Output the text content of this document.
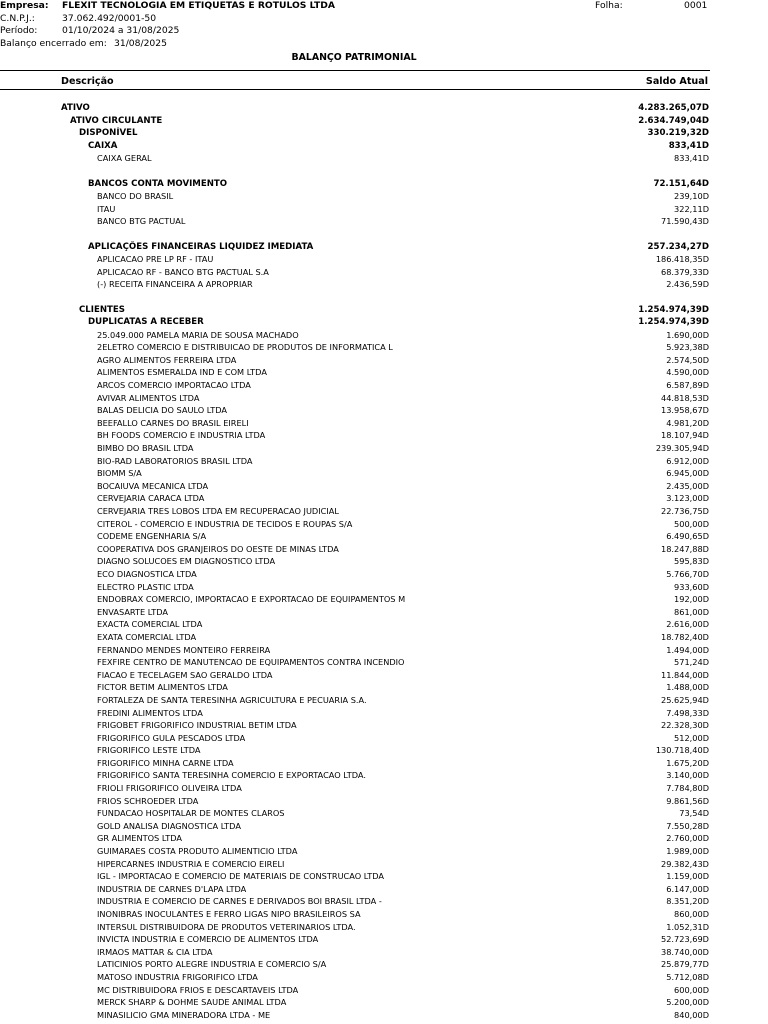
Empresa: FLEXIT TECNOLOGIA EM ETIQUETAS E ROTULOS LTDA	Folha:	0001
C.N.P.J.:	37.062.492/0001-50
Período:	01/10/2024 a 31/08/2025
Balanço encerrado em: 31/08/2025
BALANÇO PATRIMONIAL
Descrição	Saldo Atual
ATIVO	4.283.265,07D
ATIVO CIRCULANTE	2.634.749,04D
DISPONÍVEL	330.219,32D
CAIXA	833,41D
CAIXA GERAL	833,41D
BANCOS CONTA MOVIMENTO	72.151,64D
BANCO DO BRASIL	239,10D
ITAU	322,11D
BANCO BTG PACTUAL	71.590,43D
APLICAÇÕES FINANCEIRAS LIQUIDEZ IMEDIATA	257.234,27D
APLICACAO PRE LP RF - ITAU	186.418,35D
APLICACAO RF - BANCO BTG PACTUAL S.A	68.379,33D
(-) RECEITA FINANCEIRA A APROPRIAR	2.436,59D
CLIENTES	1.254.974,39D
DUPLICATAS A RECEBER	1.254.974,39D
25.049.000 PAMELA MARIA DE SOUSA MACHADO	1.690,00D
2ELETRO COMERCIO E DISTRIBUICAO DE PRODUTOS DE INFORMATICA L	5.923,38D
AGRO ALIMENTOS FERREIRA LTDA	2.574,50D
ALIMENTOS ESMERALDA IND E COM LTDA	4.590,00D
ARCOS COMERCIO IMPORTACAO LTDA	6.587,89D
AVIVAR ALIMENTOS LTDA	44.818,53D
BALAS DELICIA DO SAULO LTDA	13.958,67D
BEEFALLO CARNES DO BRASIL EIRELI	4.981,20D
BH FOODS COMERCIO E INDUSTRIA LTDA	18.107,94D
BIMBO DO BRASIL LTDA	239.305,94D
BIO-RAD LABORATORIOS BRASIL LTDA	6.912,00D
BIOMM S/A	6.945,00D
BOCAIUVA MECANICA LTDA	2.435,00D
CERVEJARIA CARACA LTDA	3.123,00D
CERVEJARIA TRES LOBOS LTDA EM RECUPERACAO JUDICIAL	22.736,75D
CITEROL - COMERCIO E INDUSTRIA DE TECIDOS E ROUPAS S/A	500,00D
CODEME ENGENHARIA S/A	6.490,65D
COOPERATIVA DOS GRANJEIROS DO OESTE DE MINAS LTDA	18.247,88D
DIAGNO SOLUCOES EM DIAGNOSTICO LTDA	595,83D
ECO DIAGNOSTICA LTDA	5.766,70D
ELECTRO PLASTIC LTDA	933,60D
ENDOBRAX COMERCIO, IMPORTACAO E EXPORTACAO DE EQUIPAMENTOS M	192,00D
ENVASARTE LTDA	861,00D
EXACTA COMERCIAL LTDA	2.616,00D
EXATA COMERCIAL LTDA	18.782,40D
FERNANDO MENDES MONTEIRO FERREIRA	1.494,00D
FEXFIRE CENTRO DE MANUTENCAO DE EQUIPAMENTOS CONTRA INCENDIO	571,24D
FIACAO E TECELAGEM SAO GERALDO LTDA	11.844,00D
FICTOR BETIM ALIMENTOS LTDA	1.488,00D
FORTALEZA DE SANTA TERESINHA AGRICULTURA E PECUARIA S.A.	25.625,94D
FREDINI ALIMENTOS LTDA	7.498,33D
FRIGOBET FRIGORIFICO INDUSTRIAL BETIM LTDA	22.328,30D
FRIGORIFICO GULA PESCADOS LTDA	512,00D
FRIGORIFICO LESTE LTDA	130.718,40D
FRIGORIFICO MINHA CARNE LTDA	1.675,20D
FRIGORIFICO SANTA TERESINHA COMERCIO E EXPORTACAO LTDA.	3.140,00D
FRIOLI FRIGORIFICO OLIVEIRA LTDA	7.784,80D
FRIOS SCHROEDER LTDA	9.861,56D
FUNDACAO HOSPITALAR DE MONTES CLAROS	73,54D
GOLD ANALISA DIAGNOSTICA LTDA	7.550,28D
GR ALIMENTOS LTDA	2.760,00D
GUIMARAES COSTA PRODUTO ALIMENTICIO LTDA	1.989,00D
HIPERCARNES INDUSTRIA E COMERCIO EIRELI	29.382,43D
IGL - IMPORTACAO E COMERCIO DE MATERIAIS DE CONSTRUCAO LTDA	1.159,00D
INDUSTRIA DE CARNES D'LAPA LTDA	6.147,00D
INDUSTRIA E COMERCIO DE CARNES E DERIVADOS BOI BRASIL LTDA -	8.351,20D
INONIBRAS INOCULANTES E FERRO LIGAS NIPO BRASILEIROS SA	860,00D
INTERSUL DISTRIBUIDORA DE PRODUTOS VETERINARIOS LTDA.	1.052,31D
INVICTA INDUSTRIA E COMERCIO DE ALIMENTOS LTDA	52.723,69D
IRMAOS MATTAR & CIA LTDA	38.740,00D
LATICINIOS PORTO ALEGRE INDUSTRIA E COMERCIO S/A	25.879,77D
MATOSO INDUSTRIA FRIGORIFICO LTDA	5.712,08D
MC DISTRIBUIDORA FRIOS E DESCARTAVEIS LTDA	600,00D
MERCK SHARP & DOHME SAUDE ANIMAL LTDA	5.200,00D
MINASILICIO GMA MINERADORA LTDA - ME	840,00D
